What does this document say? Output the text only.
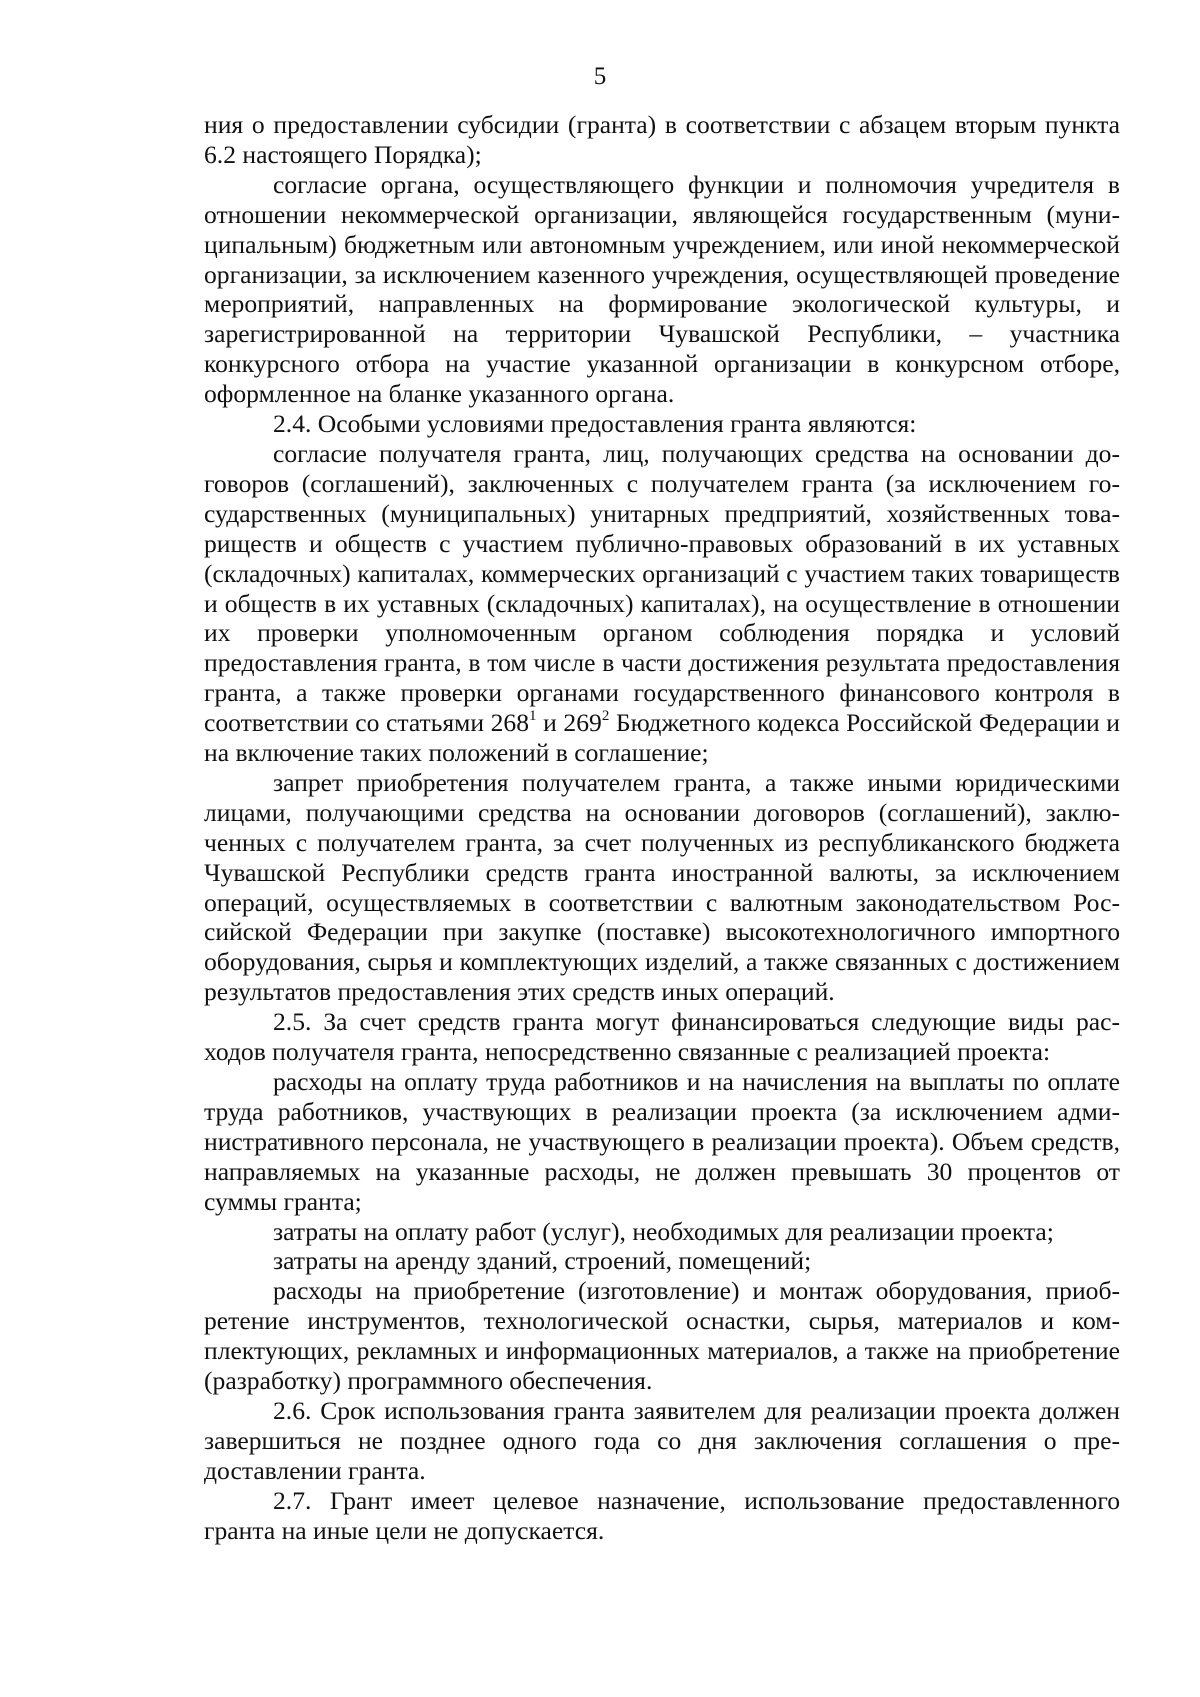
5

ния о предоставлении субсидии (гранта) в соответствии с абзацем вторым пункта 6.2 настоящего Порядка);

согласие органа, осуществляющего функции и полномочия учредителя в отношении некоммерческой организации, являющейся государственным (муниципальным) бюджетным или автономным учреждением, или иной некоммерческой организации, за исключением казенного учреждения, осуществляющей проведение мероприятий, направленных на формирование экологической культуры, и зарегистрированной на территории Чувашской Республики, – участника конкурсного отбора на участие указанной организации в конкурсном отборе, оформленное на бланке указанного органа.

2.4. Особыми условиями предоставления гранта являются:

согласие получателя гранта, лиц, получающих средства на основании договоров (соглашений), заключенных с получателем гранта (за исключением государственных (муниципальных) унитарных предприятий, хозяйственных товариществ и обществ с участием публично-правовых образований в их уставных (складочных) капиталах, коммерческих организаций с участием таких товариществ и обществ в их уставных (складочных) капиталах), на осуществление в отношении их проверки уполномоченным органом соблюдения порядка и условий предоставления гранта, в том числе в части достижения результата предоставления гранта, а также проверки органами государственного финансового контроля в соответствии со статьями $268^1$ и $269^2$ Бюджетного кодекса Российской Федерации и на включение таких положений в соглашение;

запрет приобретения получателем гранта, а также иными юридическими лицами, получающими средства на основании договоров (соглашений), заключенных с получателем гранта, за счет полученных из республиканского бюджета Чувашской Республики средств гранта иностранной валюты, за исключением операций, осуществляемых в соответствии с валютным законодательством Российской Федерации при закупке (поставке) высокотехнологичного импортного оборудования, сырья и комплектующих изделий, а также связанных с достижением результатов предоставления этих средств иных операций.

2.5. За счет средств гранта могут финансироваться следующие виды расходов получателя гранта, непосредственно связанные с реализацией проекта:

расходы на оплату труда работников и на начисления на выплаты по оплате труда работников, участвующих в реализации проекта (за исключением административного персонала, не участвующего в реализации проекта). Объем средств, направляемых на указанные расходы, не должен превышать 30 процентов от суммы гранта;

затраты на оплату работ (услуг), необходимых для реализации проекта;

затраты на аренду зданий, строений, помещений;

расходы на приобретение (изготовление) и монтаж оборудования, приобретение инструментов, технологической оснастки, сырья, материалов и комплектующих, рекламных и информационных материалов, а также на приобретение (разработку) программного обеспечения.

2.6. Срок использования гранта заявителем для реализации проекта должен завершиться не позднее одного года со дня заключения соглашения о предоставлении гранта.

2.7. Грант имеет целевое назначение, использование предоставленного гранта на иные цели не допускается.
